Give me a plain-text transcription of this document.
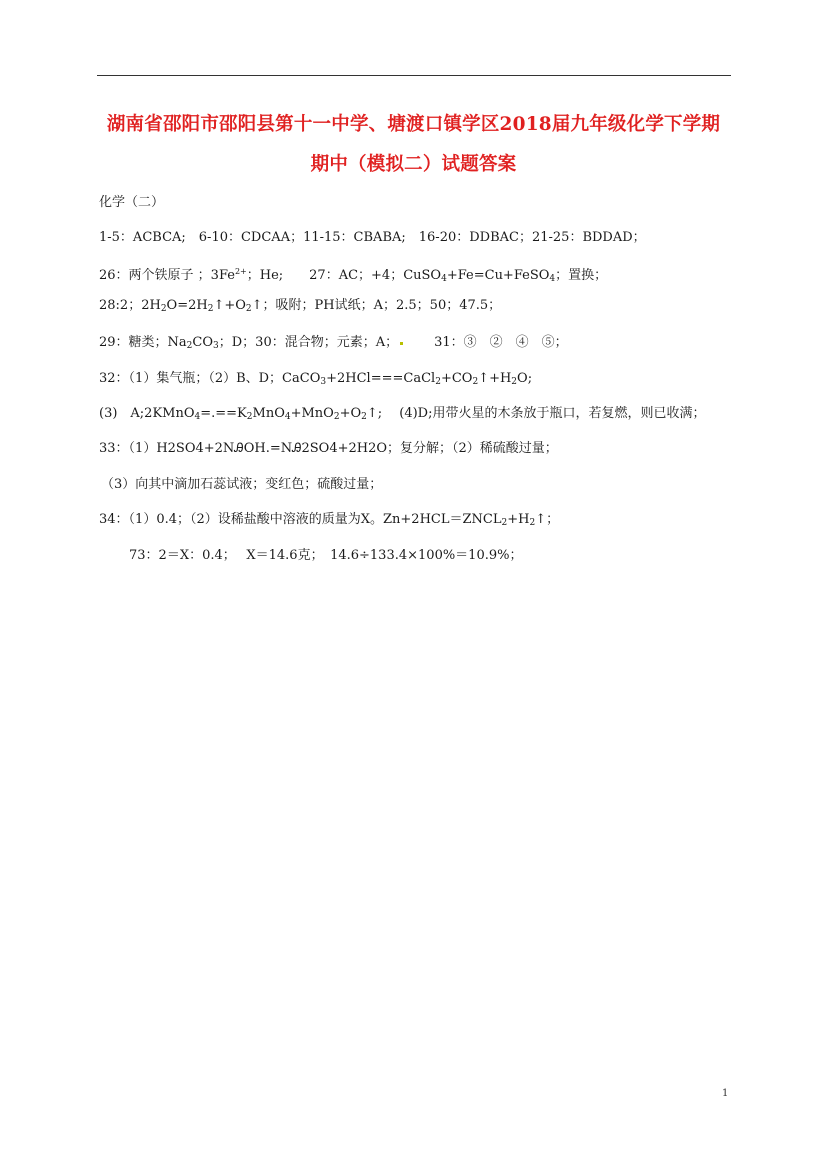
湖南省邵阳市邵阳县第十一中学、塘渡口镇学区2018届九年级化学下学期
期中（模拟二）试题答案
化学（二）
1-5：ACBCA;　6-10：CDCAA；11-15：CBABA;　16-20：DDBAC；21-25：BDDAD；
26：两个铁原子 ；$3Fe^{2+}$；He;　　27：AC；+4；CuSO$_4$+Fe=Cu+FeSO$_4$；置换；
28:2；$2H_2O=2H_2↑+O_2↑$；吸附；PH试纸；A；2.5；50；47.5；
29：糖类；$Na_2CO_3$；D；30：混合物；元素；A；	31：③　②　④　⑤；
32：（1）集气瓶；（2）B、D；$CaCO_3+2HCl===CaCl_2+CO_2↑+H_2O$;
(3)　$A;2KMnO_4=.==K_2MnO_4+MnO_2+O_2↑$;　 (4)D;用带火星的木条放于瓶口，若复燃，则已收满；
33：（1）H2SO4+2NᎯOH.=NᎯ2SO4+2H2O；复分解；（2）稀硫酸过量；
（3）向其中滴加石蕊试液；变红色；硫酸过量；
34：（1）0.4；（2）设稀盐酸中溶液的质量为X。$Zn+2HCL=ZNCL_2+H_2↑$；
73：2＝X：0.4；　 X＝14.6克；　14.6÷133.4×100%＝10.9%；
1
